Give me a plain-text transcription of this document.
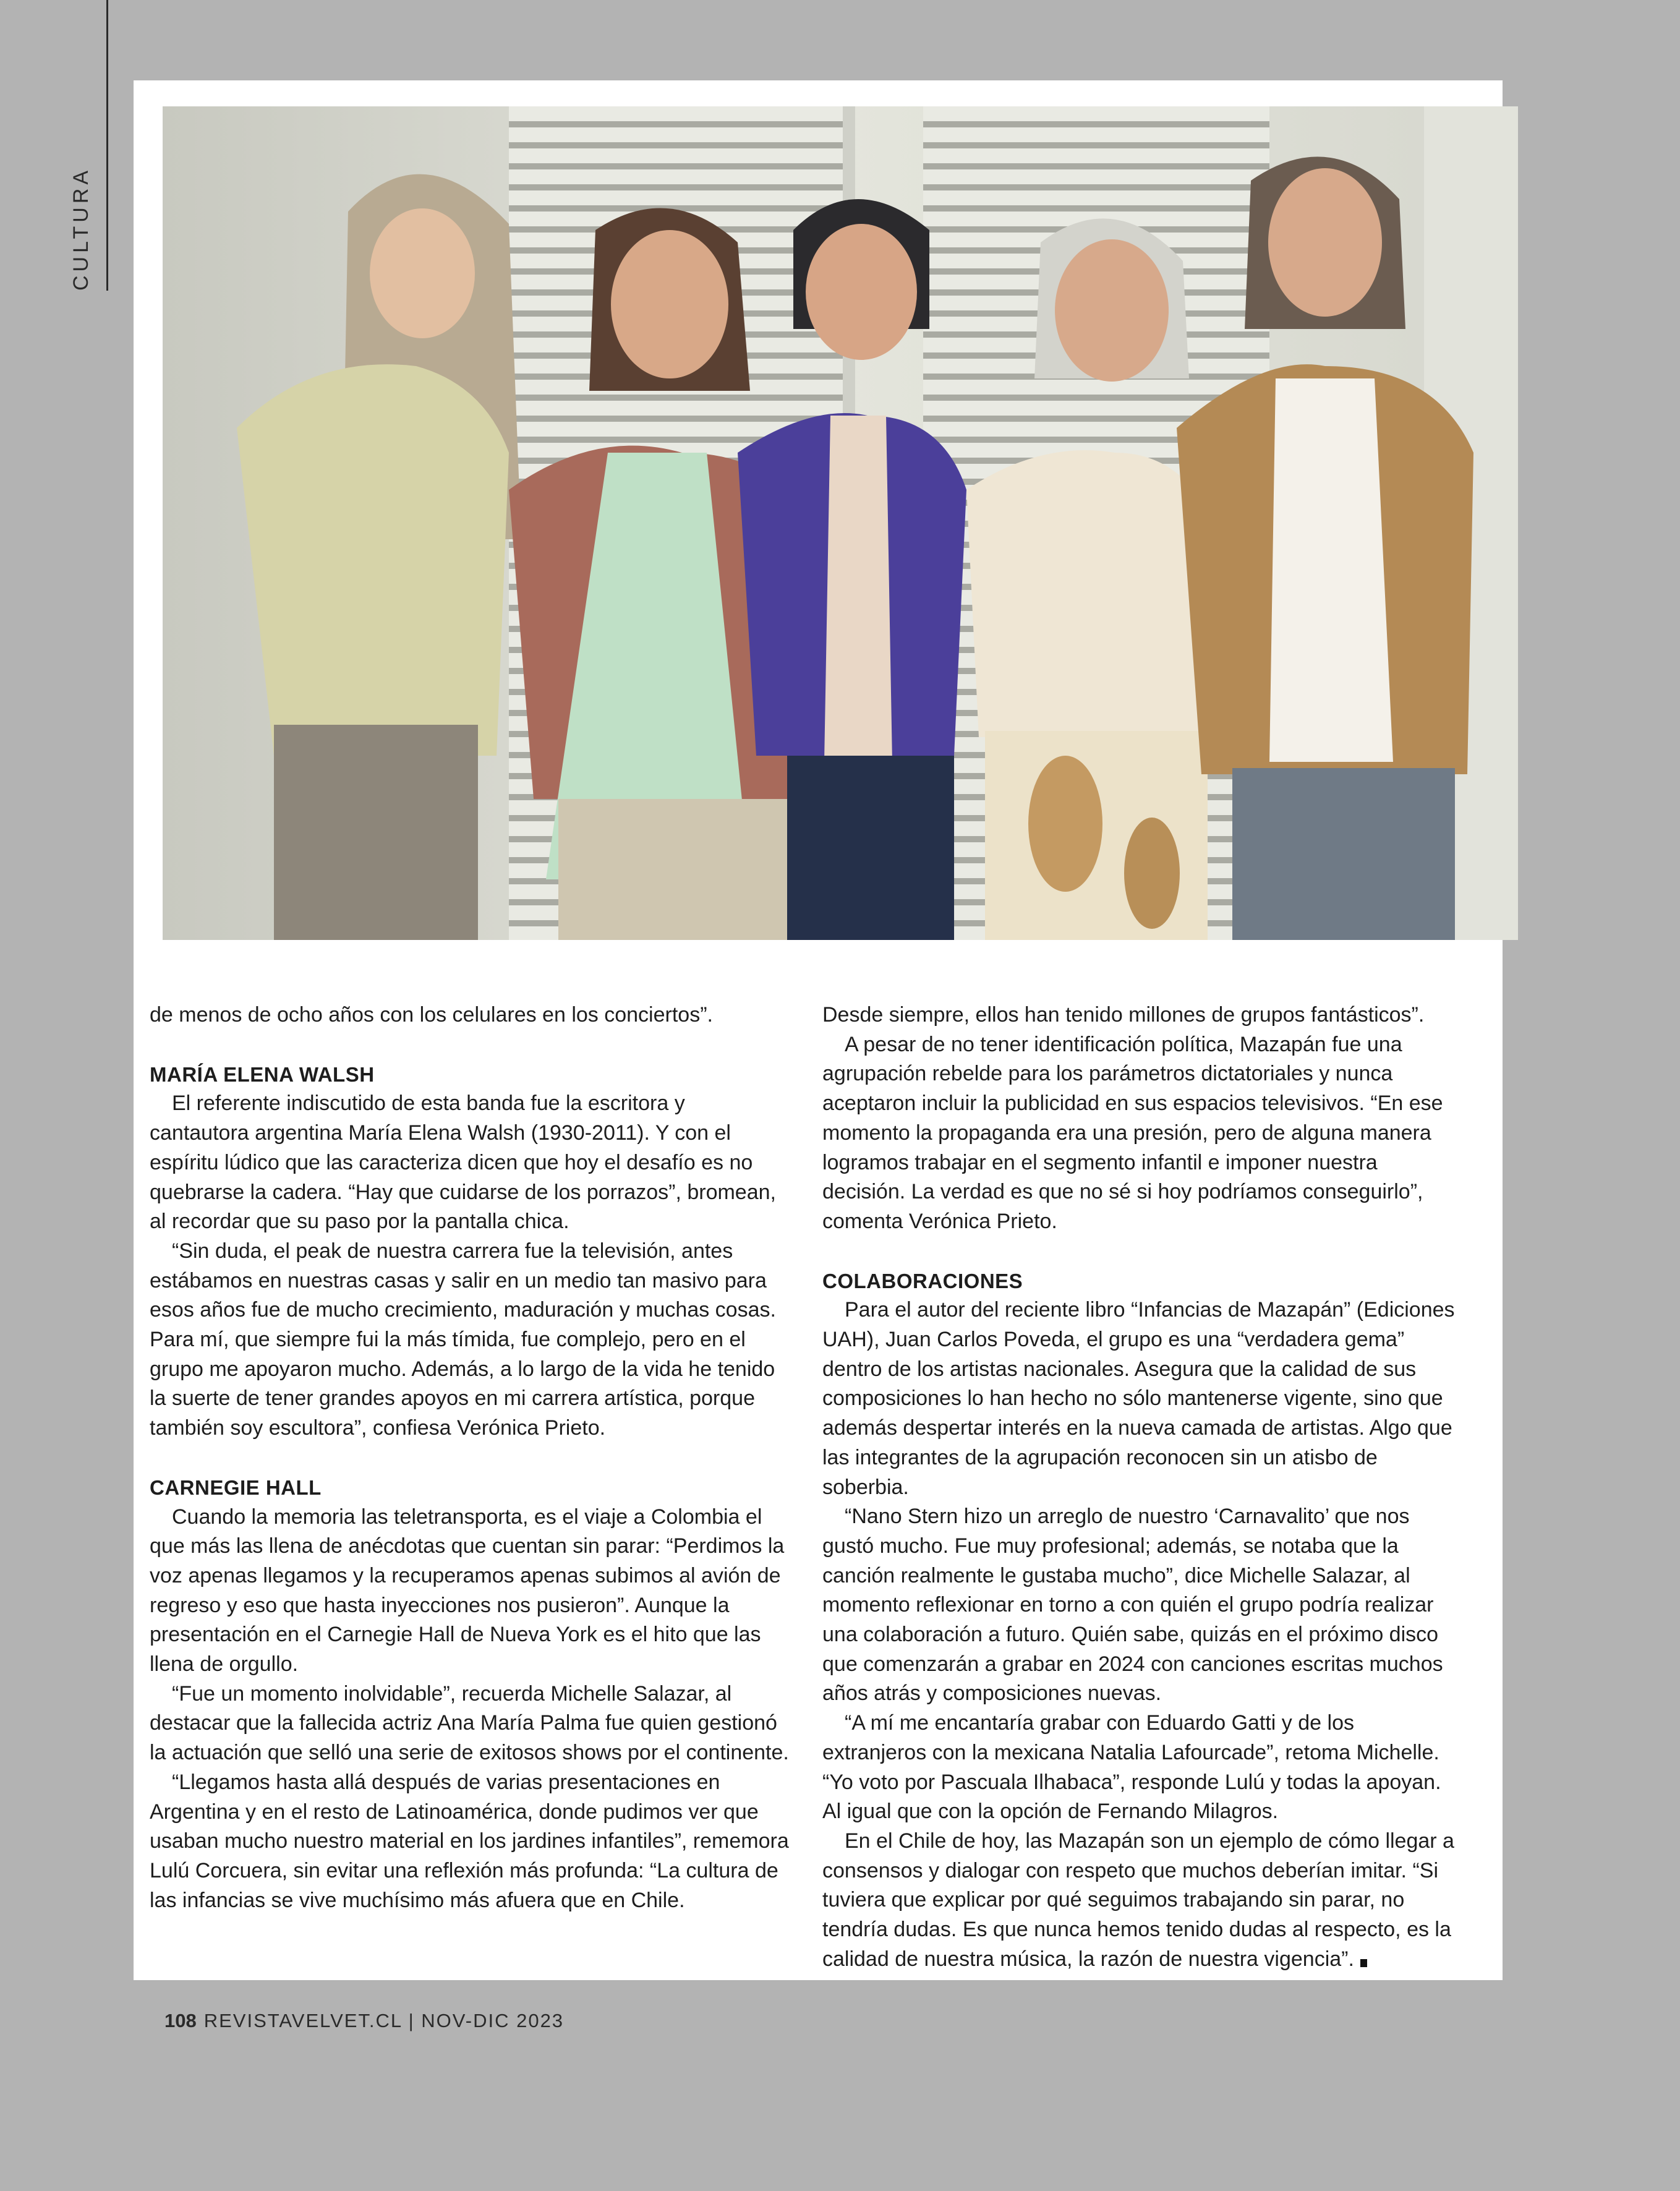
CULTURA

de menos de ocho años con los celulares en los conciertos”.

MARÍA ELENA WALSH

El referente indiscutido de esta banda fue la escritora y cantautora argentina María Elena Walsh (1930-2011). Y con el espíritu lúdico que las caracteriza dicen que hoy el desafío es no quebrarse la cadera. “Hay que cuidarse de los porrazos”, bromean, al recordar que su paso por la pantalla chica.

“Sin duda, el peak de nuestra carrera fue la televisión, antes estábamos en nuestras casas y salir en un medio tan masivo para esos años fue de mucho crecimiento, maduración y muchas cosas. Para mí, que siempre fui la más tímida, fue complejo, pero en el grupo me apoyaron mucho. Además, a lo largo de la vida he tenido la suerte de tener grandes apoyos en mi carrera artística, porque también soy escultora”, confiesa Verónica Prieto.

CARNEGIE HALL

Cuando la memoria las teletransporta, es el viaje a Colombia el que más las llena de anécdotas que cuentan sin parar: “Perdimos la voz apenas llegamos y la recuperamos apenas subimos al avión de regreso y eso que hasta inyecciones nos pusieron”. Aunque la presentación en el Carnegie Hall de Nueva York es el hito que las llena de orgullo.

“Fue un momento inolvidable”, recuerda Michelle Salazar, al destacar que la fallecida actriz Ana María Palma fue quien gestionó la actuación que selló una serie de exitosos shows por el continente.

“Llegamos hasta allá después de varias presentaciones en Argentina y en el resto de Latinoamérica, donde pudimos ver que usaban mucho nuestro material en los jardines infantiles”, rememora Lulú Corcuera, sin evitar una reflexión más profunda: “La cultura de las infancias se vive muchísimo más afuera que en Chile.

Desde siempre, ellos han tenido millones de grupos fantásticos”.

A pesar de no tener identificación política, Mazapán fue una agrupación rebelde para los parámetros dictatoriales y nunca aceptaron incluir la publicidad en sus espacios televisivos. “En ese momento la propaganda era una presión, pero de alguna manera logramos trabajar en el segmento infantil e imponer nuestra decisión. La verdad es que no sé si hoy podríamos conseguirlo”, comenta Verónica Prieto.

COLABORACIONES

Para el autor del reciente libro “Infancias de Mazapán” (Ediciones UAH), Juan Carlos Poveda, el grupo es una “verdadera gema” dentro de los artistas nacionales. Asegura que la calidad de sus composiciones lo han hecho no sólo mantenerse vigente, sino que además despertar interés en la nueva camada de artistas. Algo que las integrantes de la agrupación reconocen sin un atisbo de soberbia.

“Nano Stern hizo un arreglo de nuestro ‘Carnavalito’ que nos gustó mucho. Fue muy profesional; además, se notaba que la canción realmente le gustaba mucho”, dice Michelle Salazar, al momento reflexionar en torno a con quién el grupo podría realizar una colaboración a futuro. Quién sabe, quizás en el próximo disco que comenzarán a grabar en 2024 con canciones escritas muchos años atrás y composiciones nuevas.

“A mí me encantaría grabar con Eduardo Gatti y de los extranjeros con la mexicana Natalia Lafourcade”, retoma Michelle. “Yo voto por Pascuala Ilhabaca”, responde Lulú y todas la apoyan. Al igual que con la opción de Fernando Milagros.

En el Chile de hoy, las Mazapán son un ejemplo de cómo llegar a consensos y dialogar con respeto que muchos deberían imitar. “Si tuviera que explicar por qué seguimos trabajando sin parar, no tendría dudas. Es que nunca hemos tenido dudas al respecto, es la calidad de nuestra música, la razón de nuestra vigencia”.

108 REVISTAVELVET.CL | NOV-DIC 2023
